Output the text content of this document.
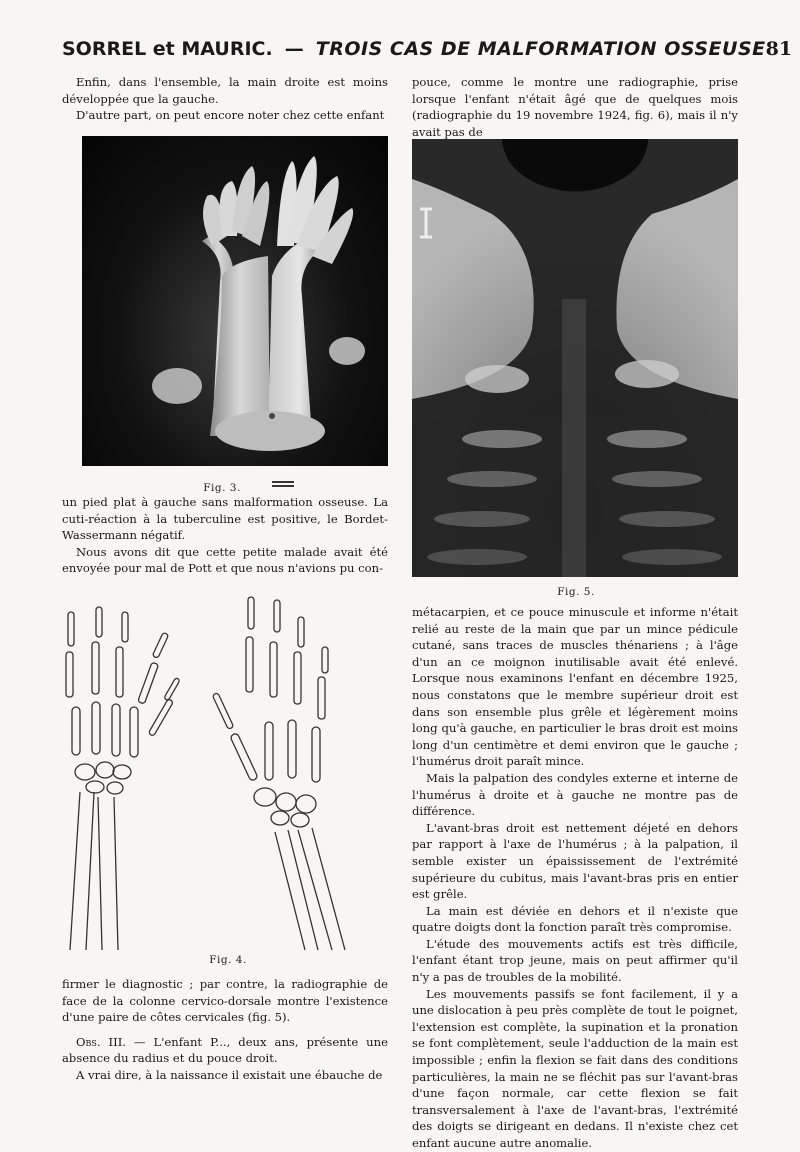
SORREL et MAURIC. — TROIS CAS DE MALFORMATION OSSEUSE 81

Enfin, dans l'ensemble, la main droite est moins développée que la gauche.

D'autre part, on peut encore noter chez cette enfant

Fig. 3.

un pied plat à gauche sans malformation osseuse. La cuti-réaction à la tuberculine est positive, le Bordet-Wassermann négatif.

Nous avons dit que cette petite malade avait été envoyée pour mal de Pott et que nous n'avions pu con-

Fig. 4.

firmer le diagnostic ; par contre, la radiographie de face de la colonne cervico-dorsale montre l'existence d'une paire de côtes cervicales (fig. 5).

Obs. III. — L'enfant P..., deux ans, présente une absence du radius et du pouce droit.

A vrai dire, à la naissance il existait une ébauche de

pouce, comme le montre une radiographie, prise lorsque l'enfant n'était âgé que de quelques mois (radiographie du 19 novembre 1924, fig. 6), mais il n'y avait pas de

Fig. 5.

métacarpien, et ce pouce minuscule et informe n'était relié au reste de la main que par un mince pédicule cutané, sans traces de muscles thénariens ; à l'âge d'un an ce moignon inutilisable avait été enlevé. Lorsque nous examinons l'enfant en décembre 1925, nous constatons que le membre supérieur droit est dans son ensemble plus grêle et légèrement moins long qu'à gauche, en particulier le bras droit est moins long d'un centimètre et demi environ que le gauche ; l'humérus droit paraît mince.

Mais la palpation des condyles externe et interne de l'humérus à droite et à gauche ne montre pas de différence.

L'avant-bras droit est nettement déjeté en dehors par rapport à l'axe de l'humérus ; à la palpation, il semble exister un épaississement de l'extrémité supérieure du cubitus, mais l'avant-bras pris en entier est grêle.

La main est déviée en dehors et il n'existe que quatre doigts dont la fonction paraît très compromise.

L'étude des mouvements actifs est très difficile, l'enfant étant trop jeune, mais on peut affirmer qu'il n'y a pas de troubles de la mobilité.

Les mouvements passifs se font facilement, il y a une dislocation à peu près complète de tout le poignet, l'extension est complète, la supination et la pronation se font complètement, seule l'adduction de la main est impossible ; enfin la flexion se fait dans des conditions particulières, la main ne se fléchit pas sur l'avant-bras d'une façon normale, car cette flexion se fait transversalement à l'axe de l'avant-bras, l'extrémité des doigts se dirigeant en dedans. Il n'existe chez cet enfant aucune autre anomalie.
